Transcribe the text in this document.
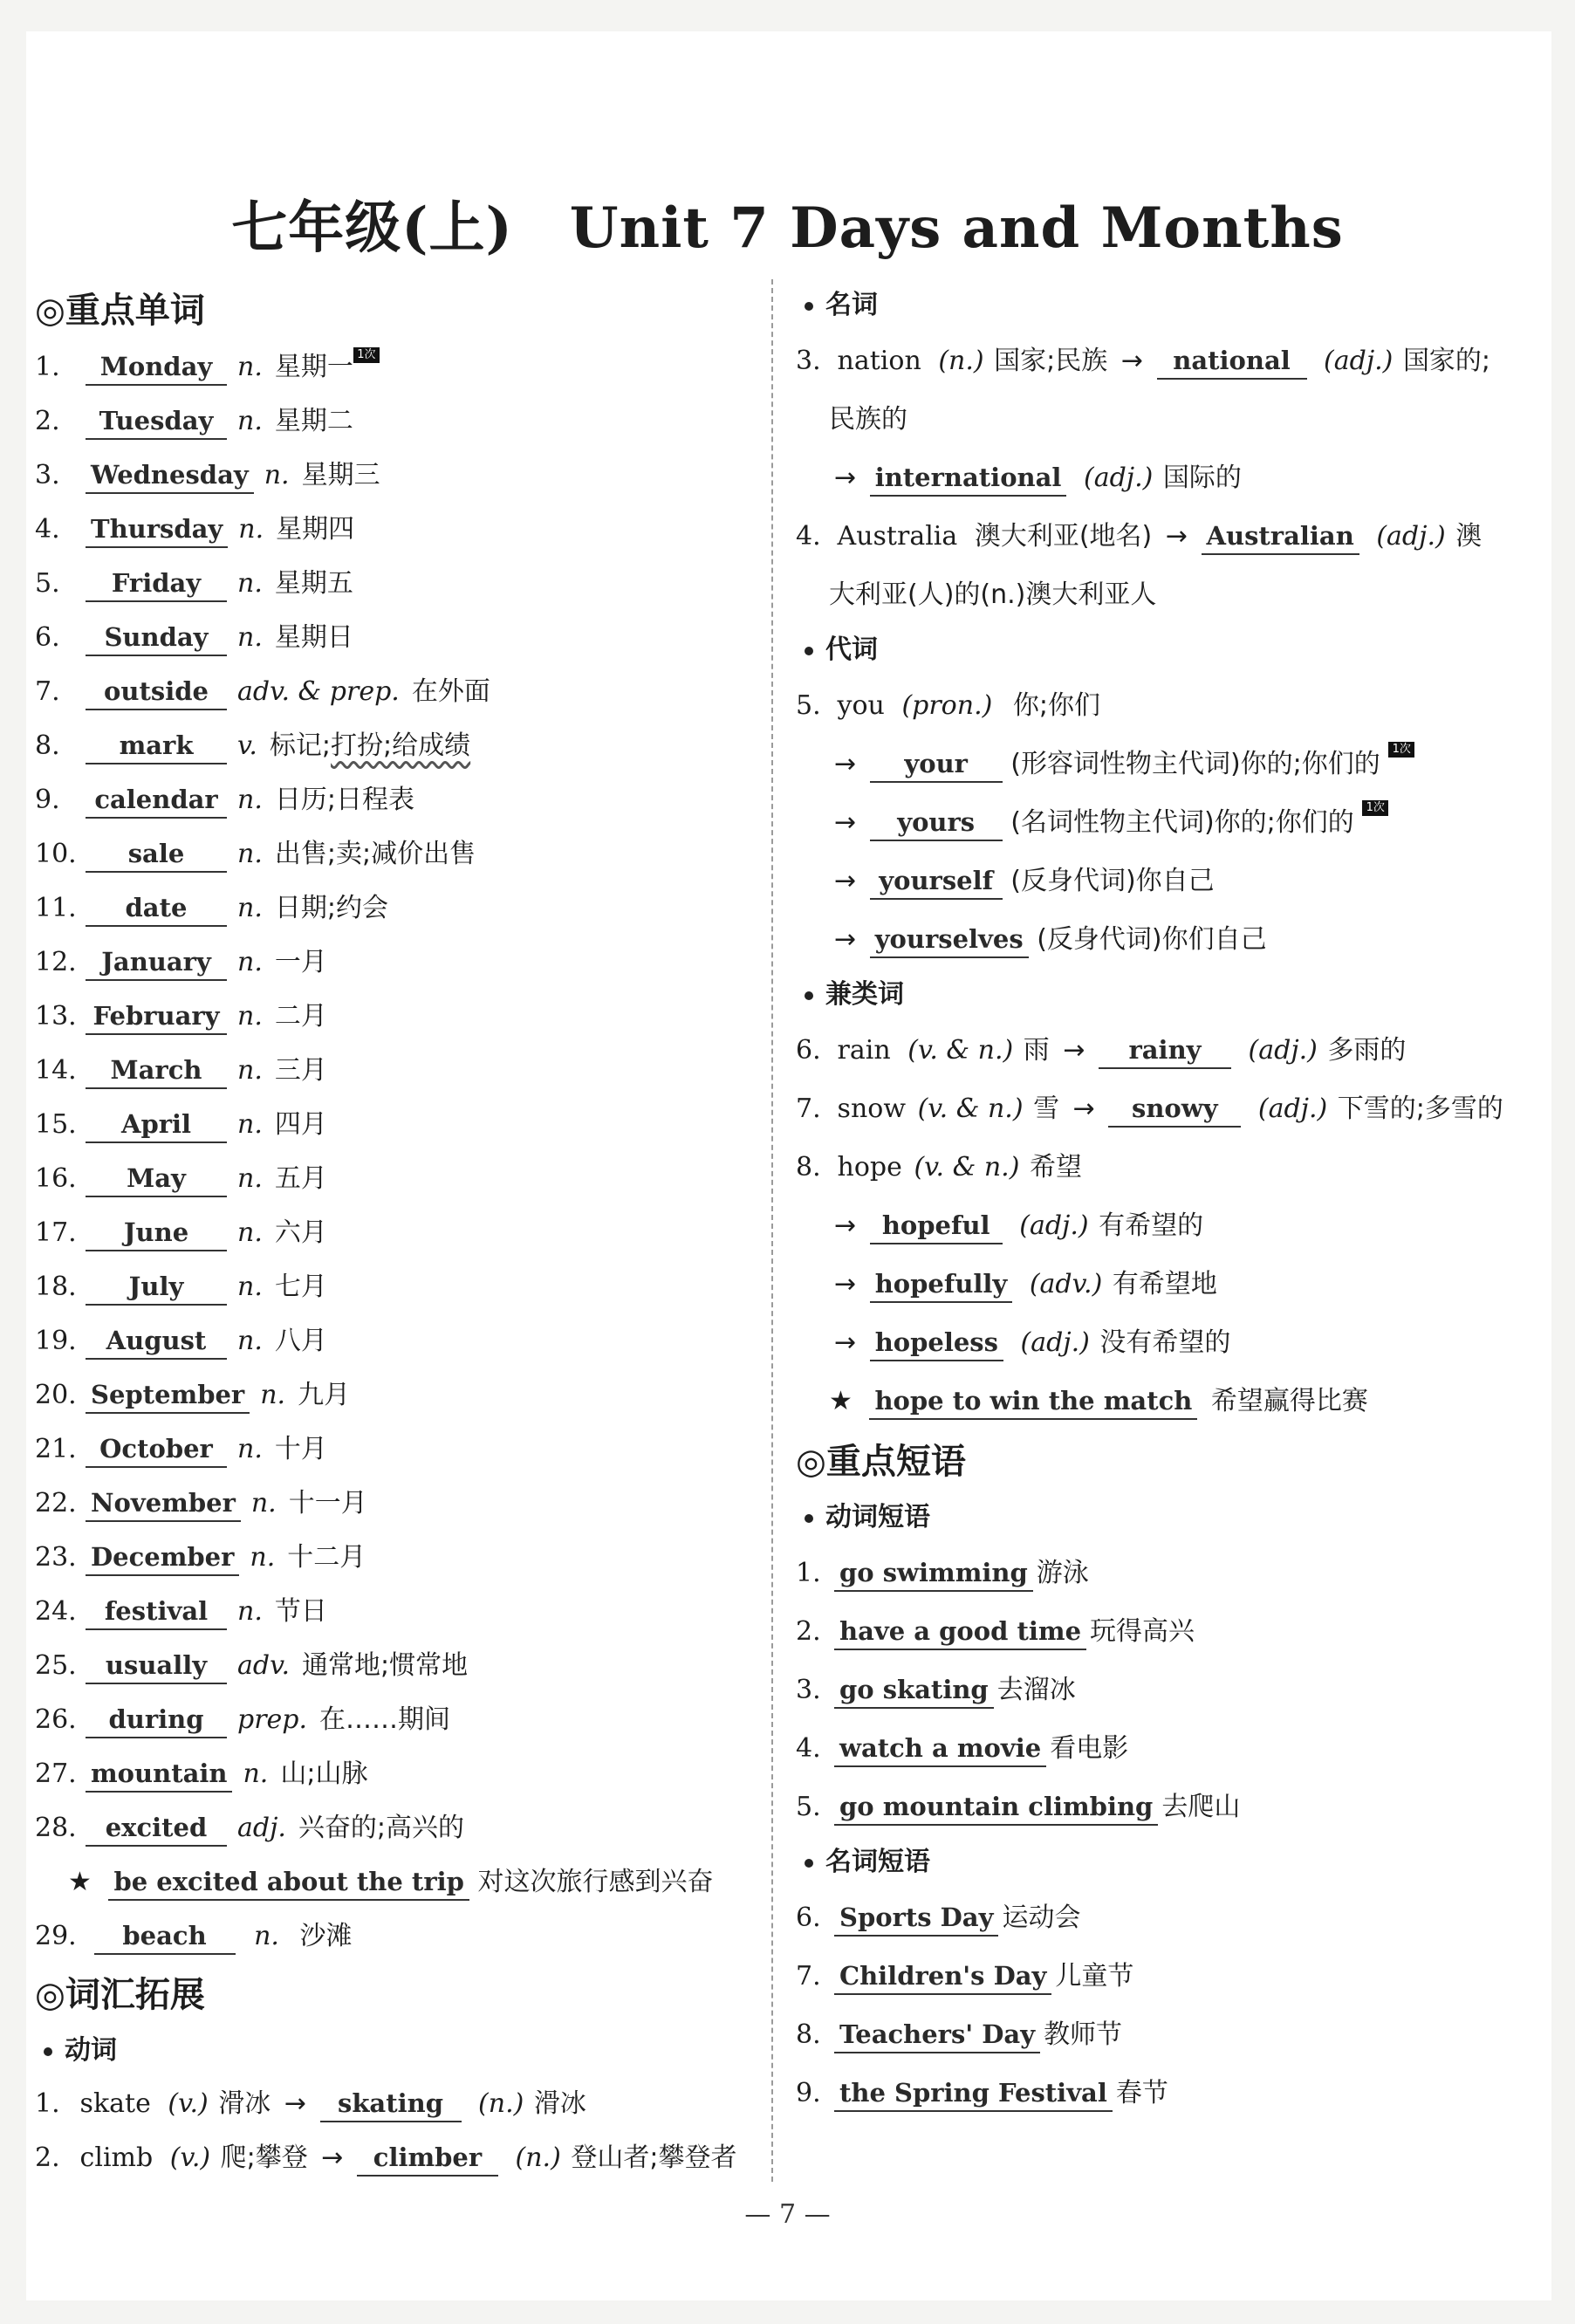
七年级(上)　Unit 7 Days and Months
◎重点单词
1. Monday n. 星期一 1次
2. Tuesday n. 星期二
3. Wednesday n. 星期三
4. Thursday n. 星期四
5. Friday n. 星期五
6. Sunday n. 星期日
7. outside adv. & prep. 在外面
8. mark v. 标记;打扮;给成绩
9. calendar n. 日历;日程表
10. sale n. 出售;卖;减价出售
11. date n. 日期;约会
12. January n. 一月
13. February n. 二月
14. March n. 三月
15. April n. 四月
16. May n. 五月
17. June n. 六月
18. July n. 七月
19. August n. 八月
20. September n. 九月
21. October n. 十月
22. November n. 十一月
23. December n. 十二月
24. festival n. 节日
25. usually adv. 通常地;惯常地
26. during prep. 在……期间
27. mountain n. 山;山脉
28. excited adj. 兴奋的;高兴的
★ be excited about the trip 对这次旅行感到兴奋
29. beach n. 沙滩
◎词汇拓展
动词
1. skate (v.) 滑冰 → skating (n.) 滑冰
2. climb (v.) 爬;攀登 → climber (n.) 登山者;攀登者
名词
3. nation (n.) 国家;民族 → national (adj.) 国家的;
民族的
→ international (adj.) 国际的
4. Australia 澳大利亚(地名) → Australian (adj.) 澳
大利亚(人)的(n.)澳大利亚人
代词
5. you (pron.) 你;你们
→ your (形容词性物主代词)你的;你们的 1次
→ yours (名词性物主代词)你的;你们的 1次
→ yourself (反身代词)你自己
→ yourselves (反身代词)你们自己
兼类词
6. rain (v. & n.) 雨 → rainy (adj.) 多雨的
7. snow (v. & n.) 雪 → snowy (adj.) 下雪的;多雪的
8. hope (v. & n.) 希望
→ hopeful (adj.) 有希望的
→ hopefully (adv.) 有希望地
→ hopeless (adj.) 没有希望的
★ hope to win the match 希望赢得比赛
◎重点短语
动词短语
1. go swimming 游泳
2. have a good time 玩得高兴
3. go skating 去溜冰
4. watch a movie 看电影
5. go mountain climbing 去爬山
名词短语
6. Sports Day 运动会
7. Children's Day 儿童节
8. Teachers' Day 教师节
9. the Spring Festival 春节
— 7 —
